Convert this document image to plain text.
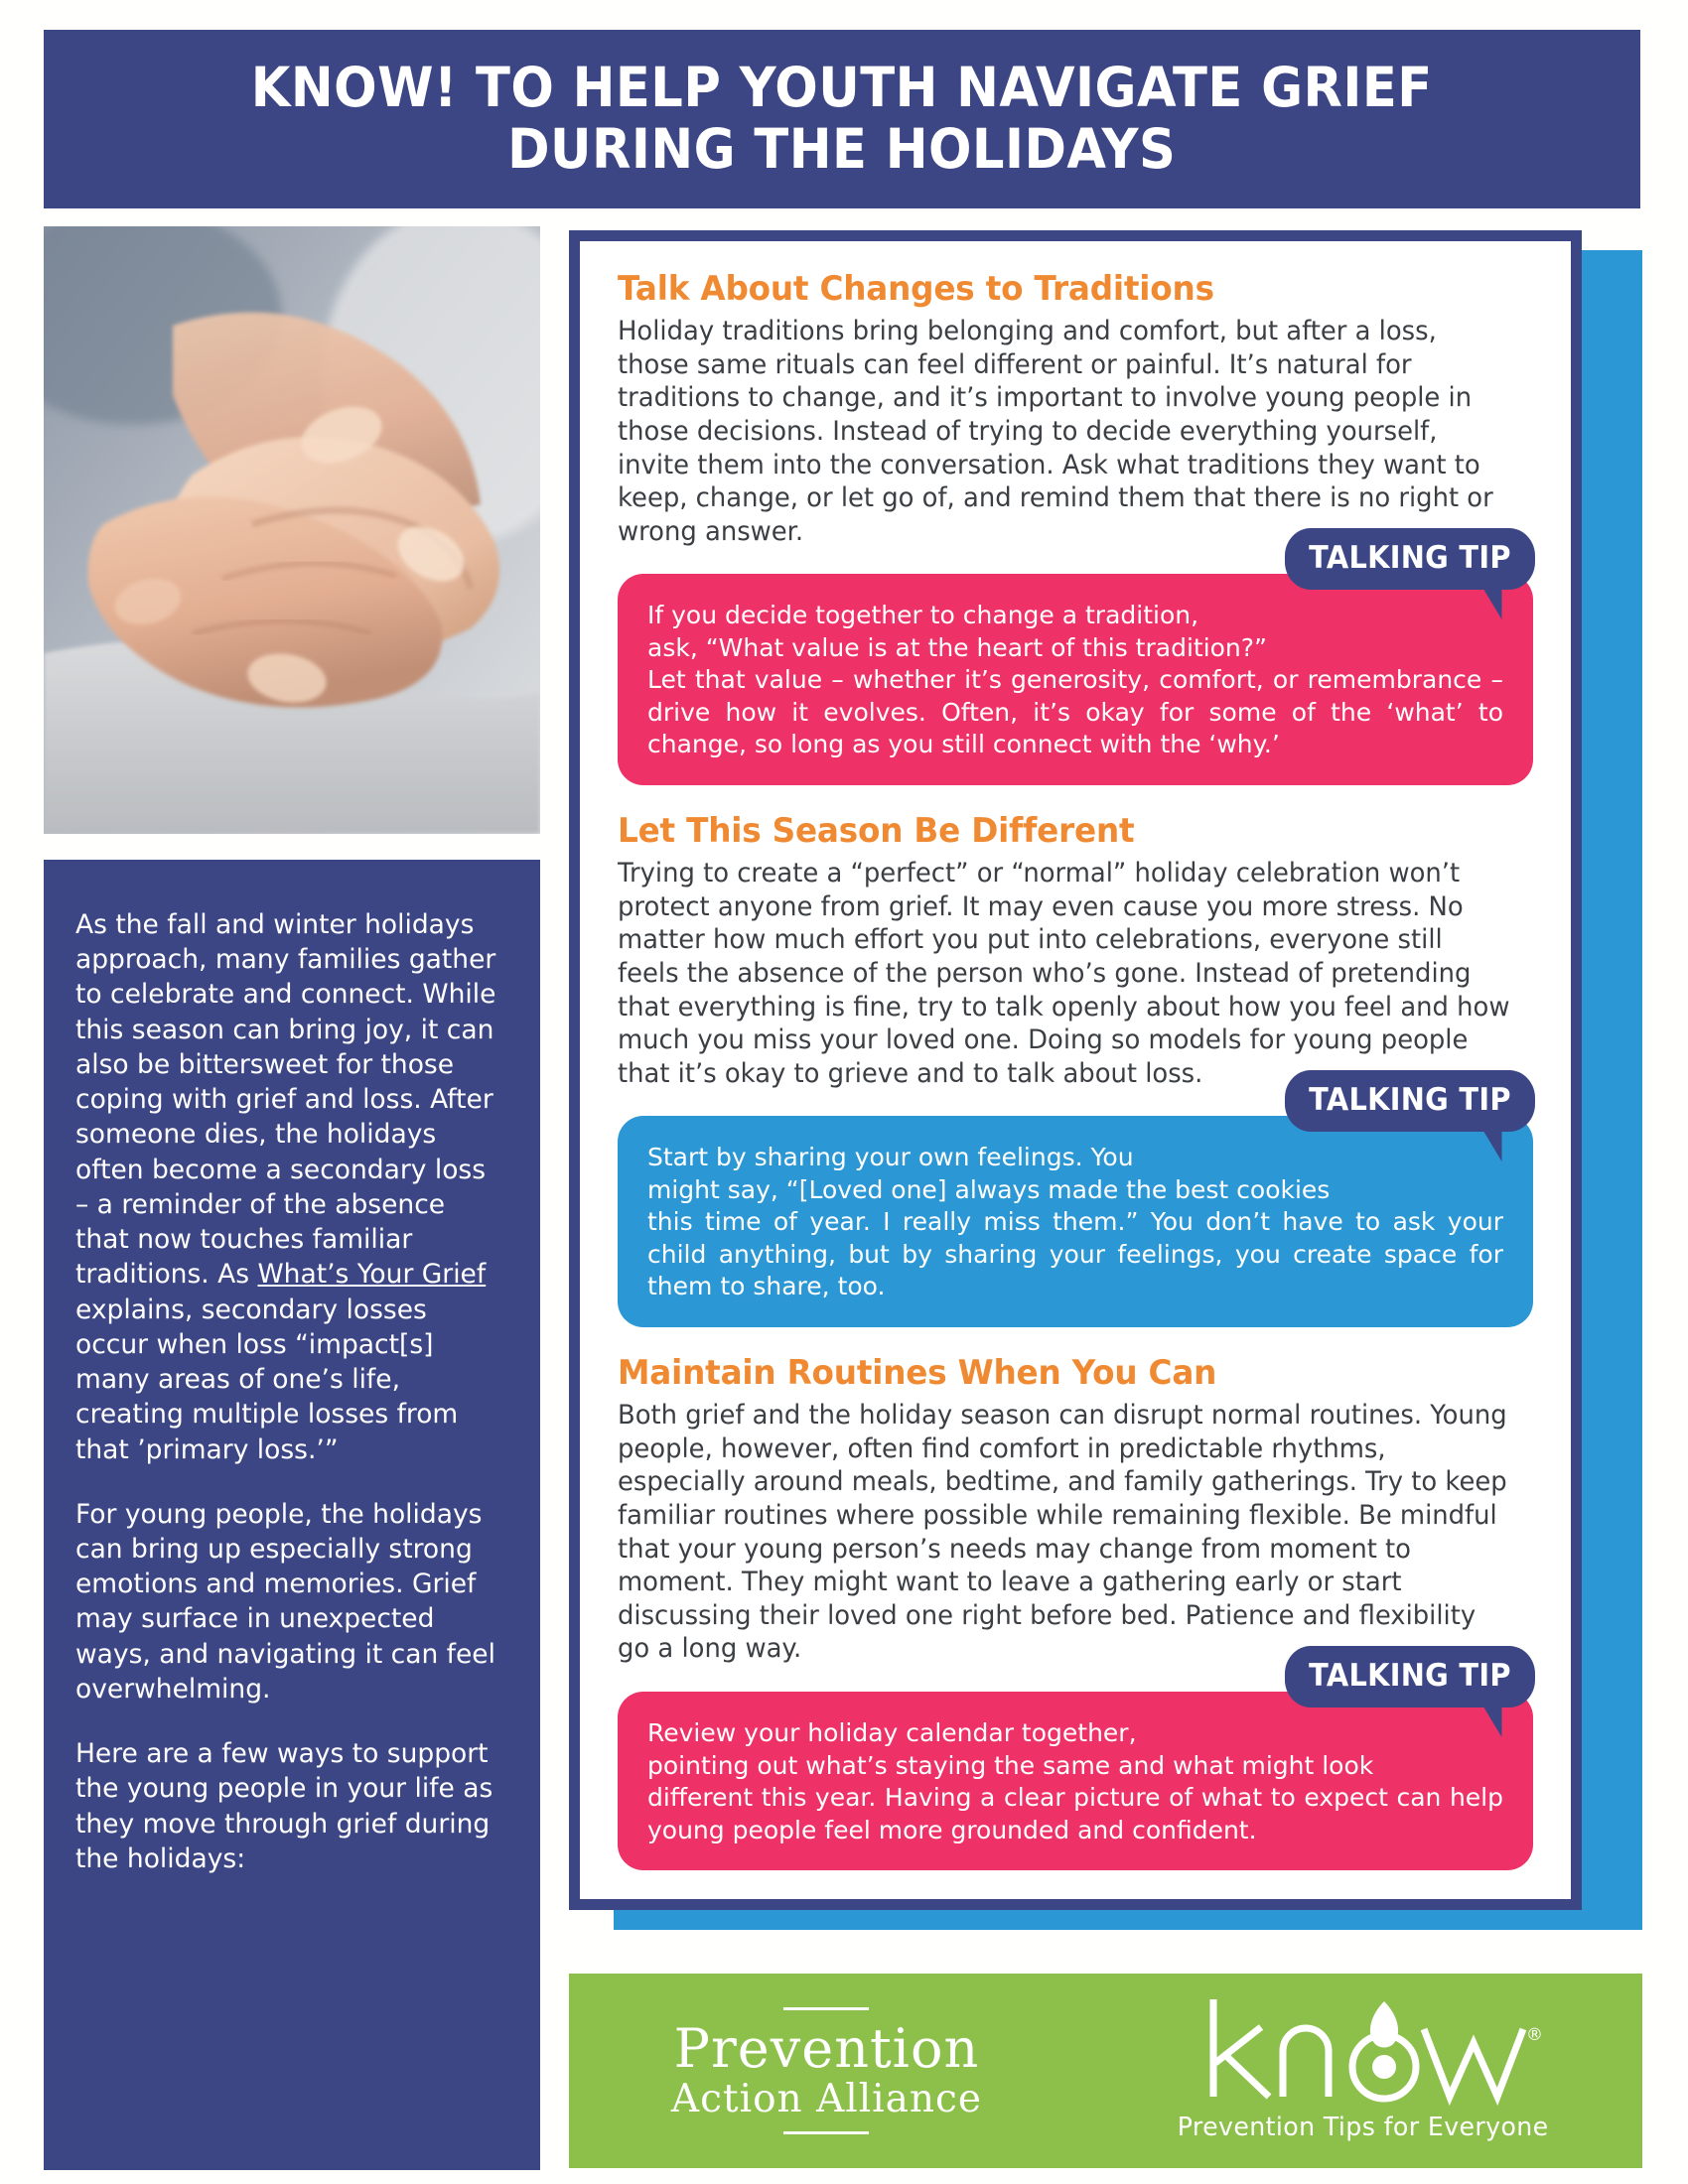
KNOW! TO HELP YOUTH NAVIGATE GRIEF
DURING THE HOLIDAYS

As the fall and winter holidays approach, many families gather to celebrate and connect. While this season can bring joy, it can also be bittersweet for those coping with grief and loss. After someone dies, the holidays often become a secondary loss – a reminder of the absence that now touches familiar traditions. As What’s Your Grief explains, secondary losses occur when loss “impact[s] many areas of one’s life, creating multiple losses from that ’primary loss.’”

For young people, the holidays can bring up especially strong emotions and memories. Grief may surface in unexpected ways, and navigating it can feel overwhelming.

Here are a few ways to support the young people in your life as they move through grief during the holidays:

Talk About Changes to Traditions

Holiday traditions bring belonging and comfort, but after a loss, those same rituals can feel different or painful. It’s natural for traditions to change, and it’s important to involve young people in those decisions. Instead of trying to decide everything yourself, invite them into the conversation. Ask what traditions they want to keep, change, or let go of, and remind them that there is no right or wrong answer.

TALKING TIP
If you decide together to change a tradition,
ask, “What value is at the heart of this tradition?”
Let that value – whether it’s generosity, comfort, or remembrance – drive how it evolves. Often, it’s okay for some of the ‘what’ to change, so long as you still connect with the ‘why.’
Let This Season Be Different

Trying to create a “perfect” or “normal” holiday celebration won’t protect anyone from grief. It may even cause you more stress. No matter how much effort you put into celebrations, everyone still feels the absence of the person who’s gone. Instead of pretending that everything is fine, try to talk openly about how you feel and how much you miss your loved one. Doing so models for young people that it’s okay to grieve and to talk about loss.

TALKING TIP
Start by sharing your own feelings. You
might say, “[Loved one] always made the best cookies
this time of year. I really miss them.” You don’t have to ask your child anything, but by sharing your feelings, you create space for them to share, too.
Maintain Routines When You Can

Both grief and the holiday season can disrupt normal routines. Young people, however, often find comfort in predictable rhythms, especially around meals, bedtime, and family gatherings. Try to keep familiar routines where possible while remaining flexible. Be mindful that your young person’s needs may change from moment to moment. They might want to leave a gathering early or start discussing their loved one right before bed. Patience and flexibility go a long way.

TALKING TIP
Review your holiday calendar together,
pointing out what’s staying the same and what might look
different this year. Having a clear picture of what to expect can help young people feel more grounded and confident.
Prevention
Action Alliance
®
Prevention Tips for Everyone
